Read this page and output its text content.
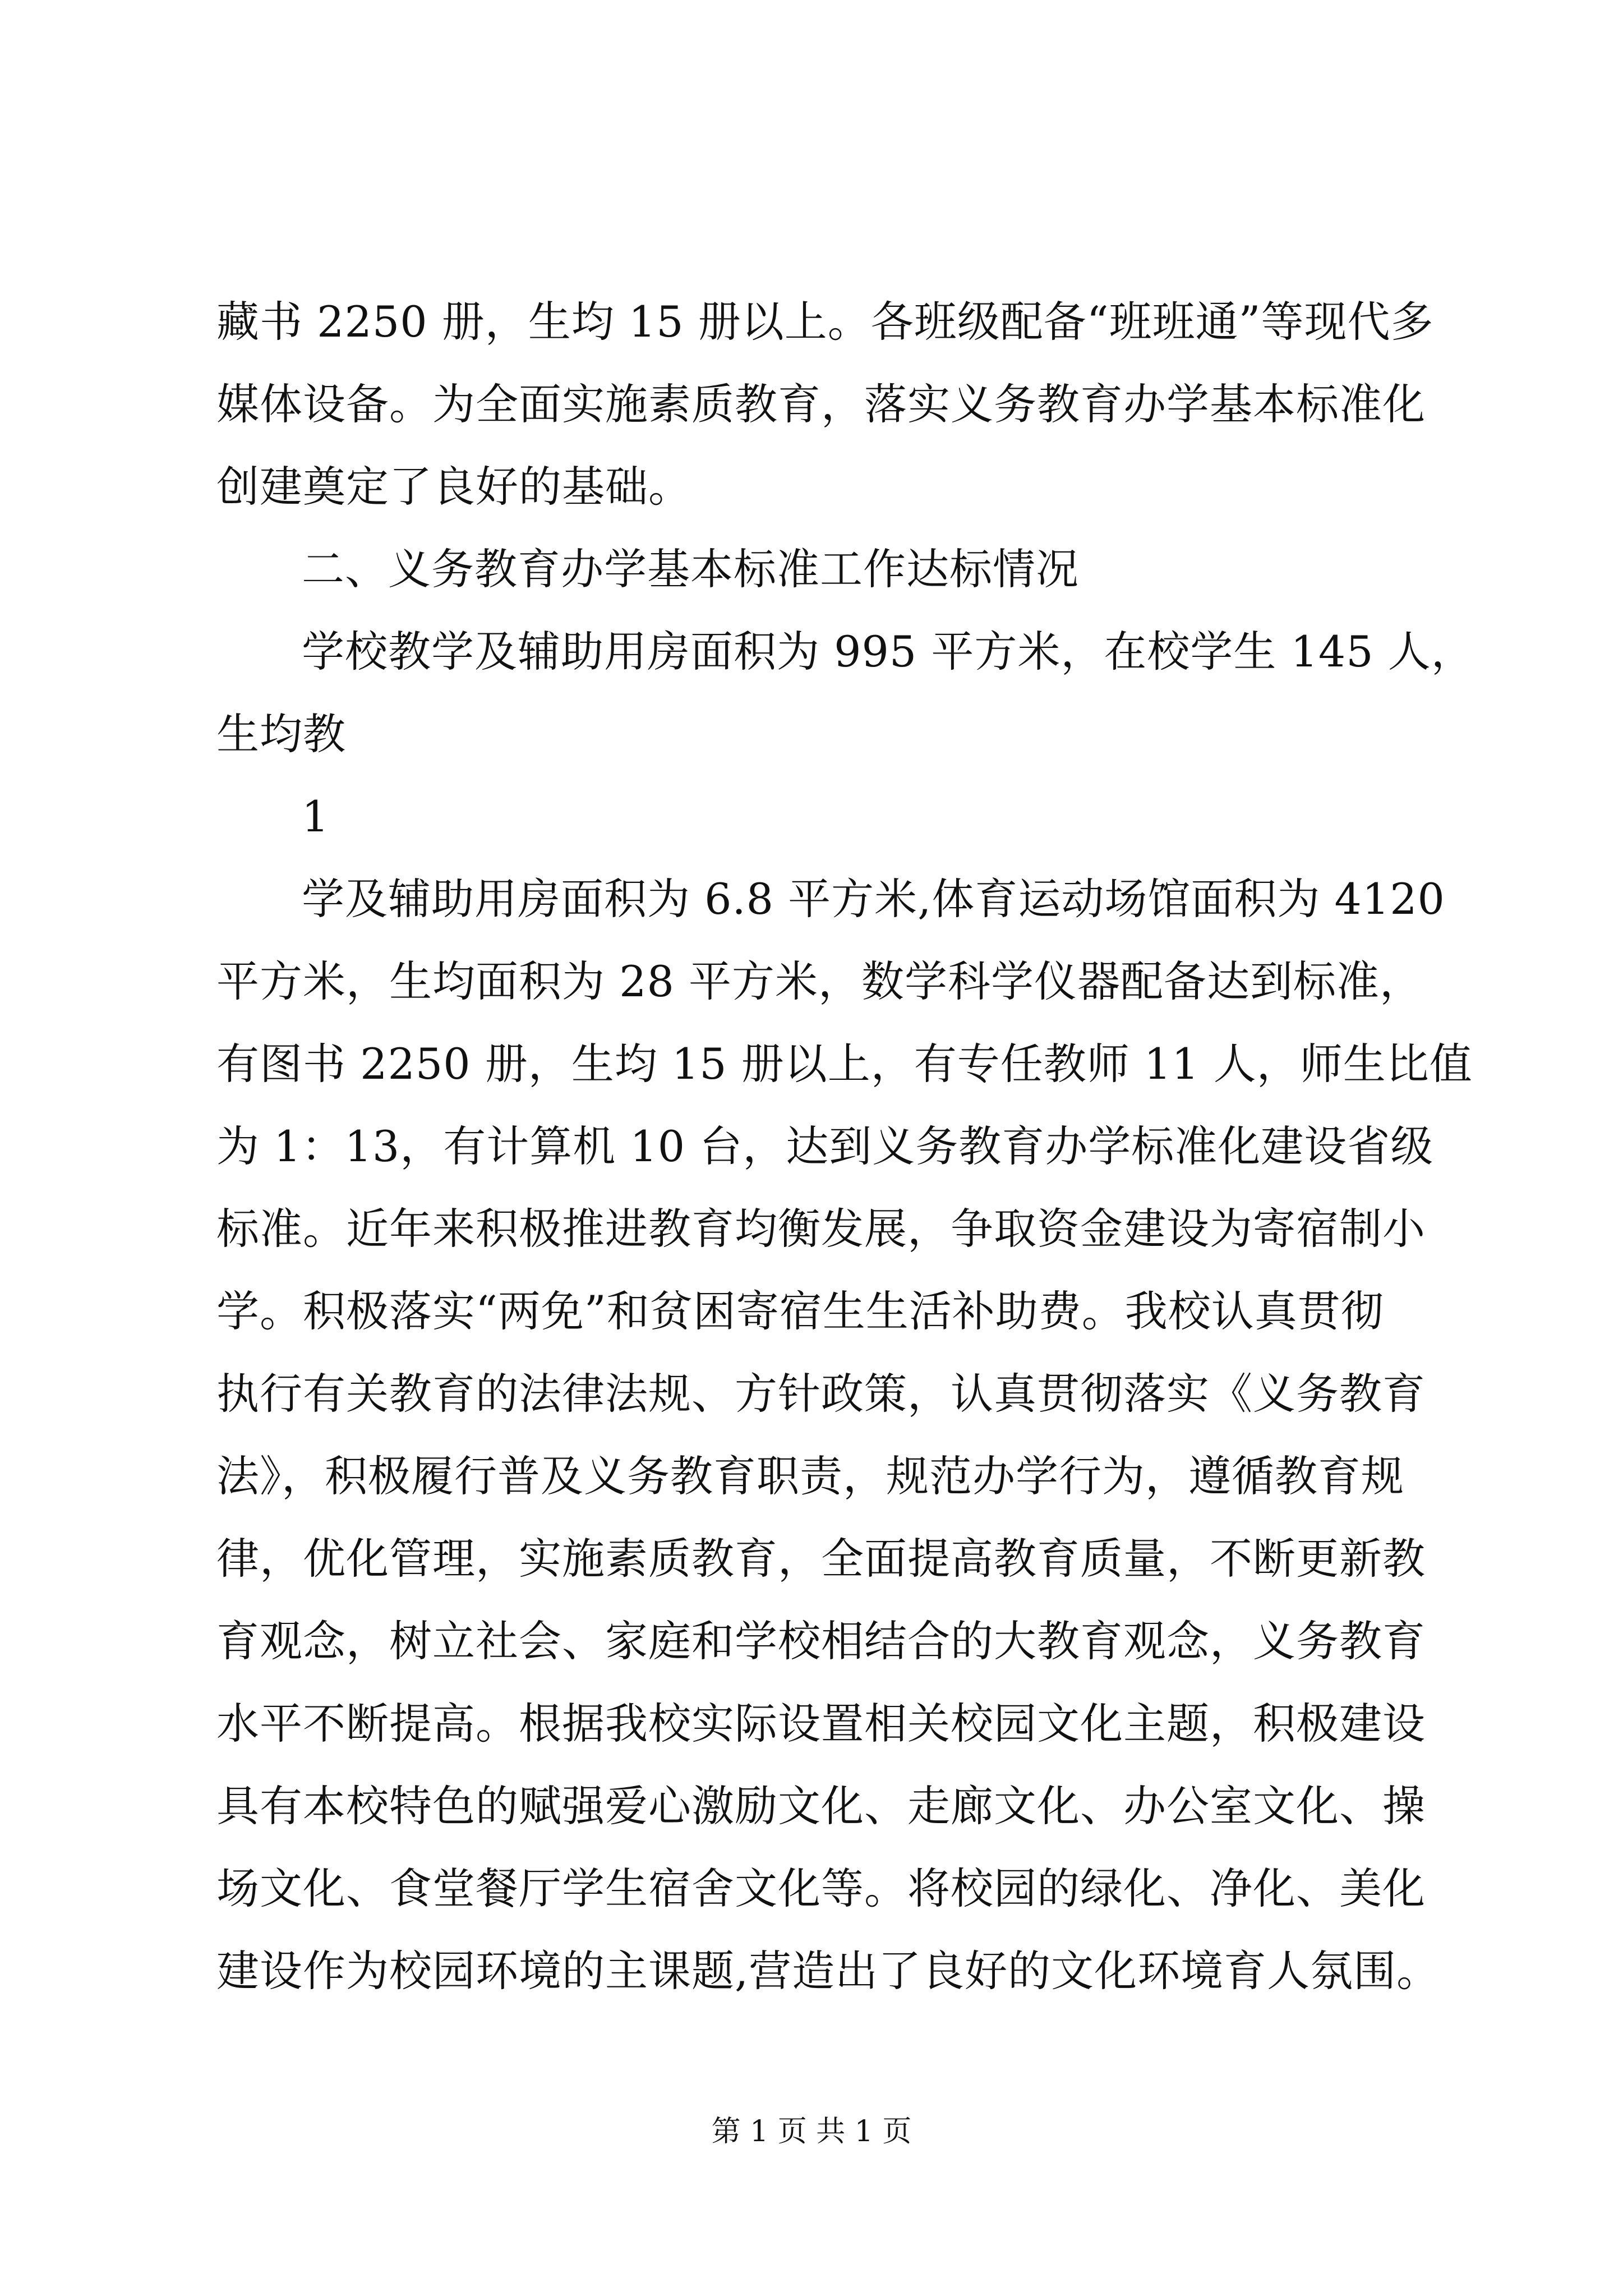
藏书 2250 册，生均 15 册以上。各班级配备“班班通”等现代多
媒体设备。为全面实施素质教育，落实义务教育办学基本标准化
创建奠定了良好的基础。
二、义务教育办学基本标准工作达标情况
学校教学及辅助用房面积为 995 平方米，在校学生 145 人，
生均教
1
学及辅助用房面积为 6.8 平方米,体育运动场馆面积为 4120
平方米，生均面积为 28 平方米，数学科学仪器配备达到标准，
有图书 2250 册，生均 15 册以上，有专任教师 11 人，师生比值
为 1：13，有计算机 10 台，达到义务教育办学标准化建设省级
标准。近年来积极推进教育均衡发展，争取资金建设为寄宿制小
学。积极落实“两免”和贫困寄宿生生活补助费。我校认真贯彻
执行有关教育的法律法规、方针政策，认真贯彻落实《义务教育
法》，积极履行普及义务教育职责，规范办学行为，遵循教育规
律，优化管理，实施素质教育，全面提高教育质量，不断更新教
育观念，树立社会、家庭和学校相结合的大教育观念，义务教育
水平不断提高。根据我校实际设置相关校园文化主题，积极建设
具有本校特色的赋强爱心激励文化、走廊文化、办公室文化、操
场文化、食堂餐厅学生宿舍文化等。将校园的绿化、净化、美化
建设作为校园环境的主课题,营造出了良好的文化环境育人氛围。
第 1 页 共 1 页
